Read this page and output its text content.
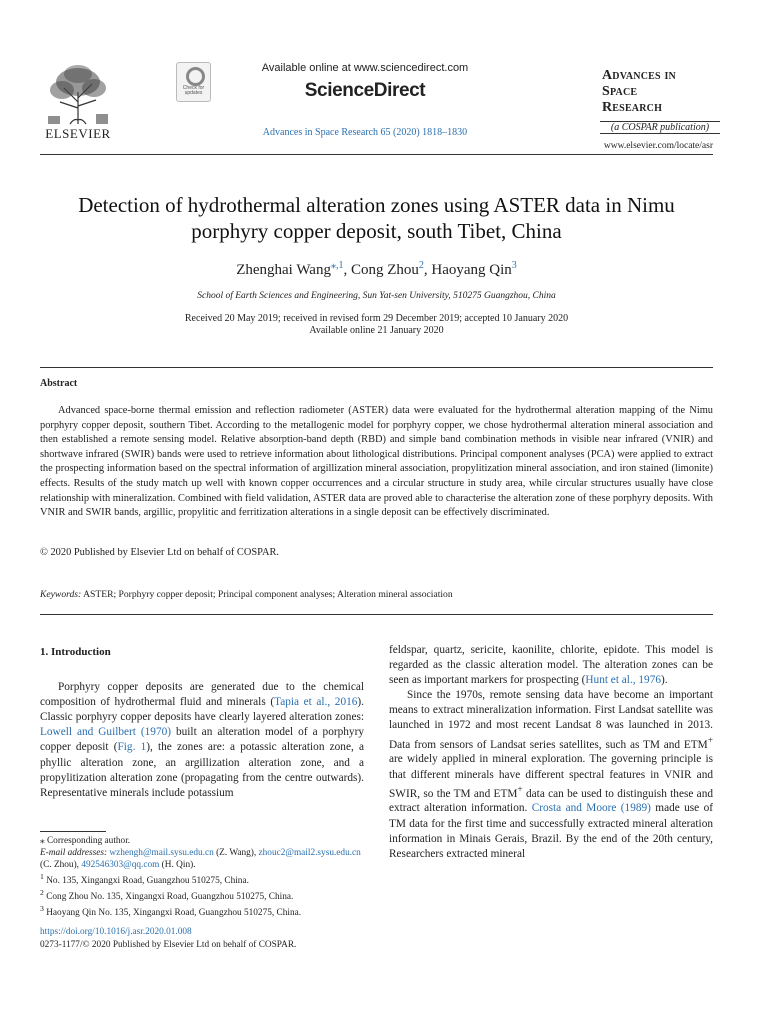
ELSEVIER
Check for updates
Available online at www.sciencedirect.com
ScienceDirect
Advances in Space Research 65 (2020) 1818–1830
Advances in
Space
Research
(a COSPAR publication)
www.elsevier.com/locate/asr
Detection of hydrothermal alteration zones using ASTER data in Nimu porphyry copper deposit, south Tibet, China
Zhenghai Wang$^{⁎,1}$, Cong Zhou$^2$, Haoyang Qin$^3$
School of Earth Sciences and Engineering, Sun Yat-sen University, 510275 Guangzhou, China
Received 20 May 2019; received in revised form 29 December 2019; accepted 10 January 2020
Available online 21 January 2020
Abstract

Advanced space-borne thermal emission and reflection radiometer (ASTER) data were evaluated for the hydrothermal alteration mapping of the Nimu porphyry copper deposit, southern Tibet. According to the metallogenic model for porphyry copper, we chose hydrothermal alteration mineral association and then established a remote sensing model. Relative absorption-band depth (RBD) and simple band combination methods in visible near infrared (VNIR) and shortwave infrared (SWIR) bands were used to retrieve information about lithological distributions. Principal component analyses (PCA) were applied to extract the prospecting information based on the spectral information of argillization mineral association, propylitization mineral association, and iron stained (limonite) effects. Results of the study match up well with known copper occurrences and a circular structure in study area, while circular structures usually have close relationship with mineralization. Combined with field validation, ASTER data are proved able to characterise the alteration zone of these porphyry deposits. With VNIR and SWIR bands, argillic, propylitic and ferritization alterations in a single deposit can be effectively discriminated.

© 2020 Published by Elsevier Ltd on behalf of COSPAR.
Keywords: ASTER; Porphyry copper deposit; Principal component analyses; Alteration mineral association
1. Introduction

Porphyry copper deposits are generated due to the chemical composition of hydrothermal fluid and minerals (Tapia et al., 2016). Classic porphyry copper deposits have clearly layered alteration zones: Lowell and Guilbert (1970) built an alteration model of a porphyry copper deposit (Fig. 1), the zones are: a potassic alteration zone, a phyllic alteration zone, an argillization alteration zone, and a propylitization alteration zone (propagating from the centre outwards). Representative minerals include potassium

feldspar, quartz, sericite, kaonilite, chlorite, epidote. This model is regarded as the classic alteration model. The alteration zones can be seen as important markers for prospecting (Hunt et al., 1976).

Since the 1970s, remote sensing data have become an important means to extract mineralization information. First Landsat satellite was launched in 1972 and most recent Landsat 8 was launched in 2013. Data from sensors of Landsat series satellites, such as TM and ETM+ are widely applied in mineral exploration. The governing principle is that different minerals have different spectral features in VNIR and SWIR, so the TM and ETM+ data can be used to distinguish these and extract alteration information. Crosta and Moore (1989) made use of TM data for the first time and successfully extracted mineral alteration information in Minais Gerais, Brazil. By the end of the 20th century, Researchers extracted mineral

⁎ Corresponding author.

E-mail addresses: wzhengh@mail.sysu.edu.cn (Z. Wang), zhouc2@mail2.sysu.edu.cn (C. Zhou), 492546303@qq.com (H. Qin).

$^1$ No. 135, Xingangxi Road, Guangzhou 510275, China.

$^2$ Cong Zhou No. 135, Xingangxi Road, Guangzhou 510275, China.

$^3$ Haoyang Qin No. 135, Xingangxi Road, Guangzhou 510275, China.

https://doi.org/10.1016/j.asr.2020.01.008
0273-1177/© 2020 Published by Elsevier Ltd on behalf of COSPAR.
